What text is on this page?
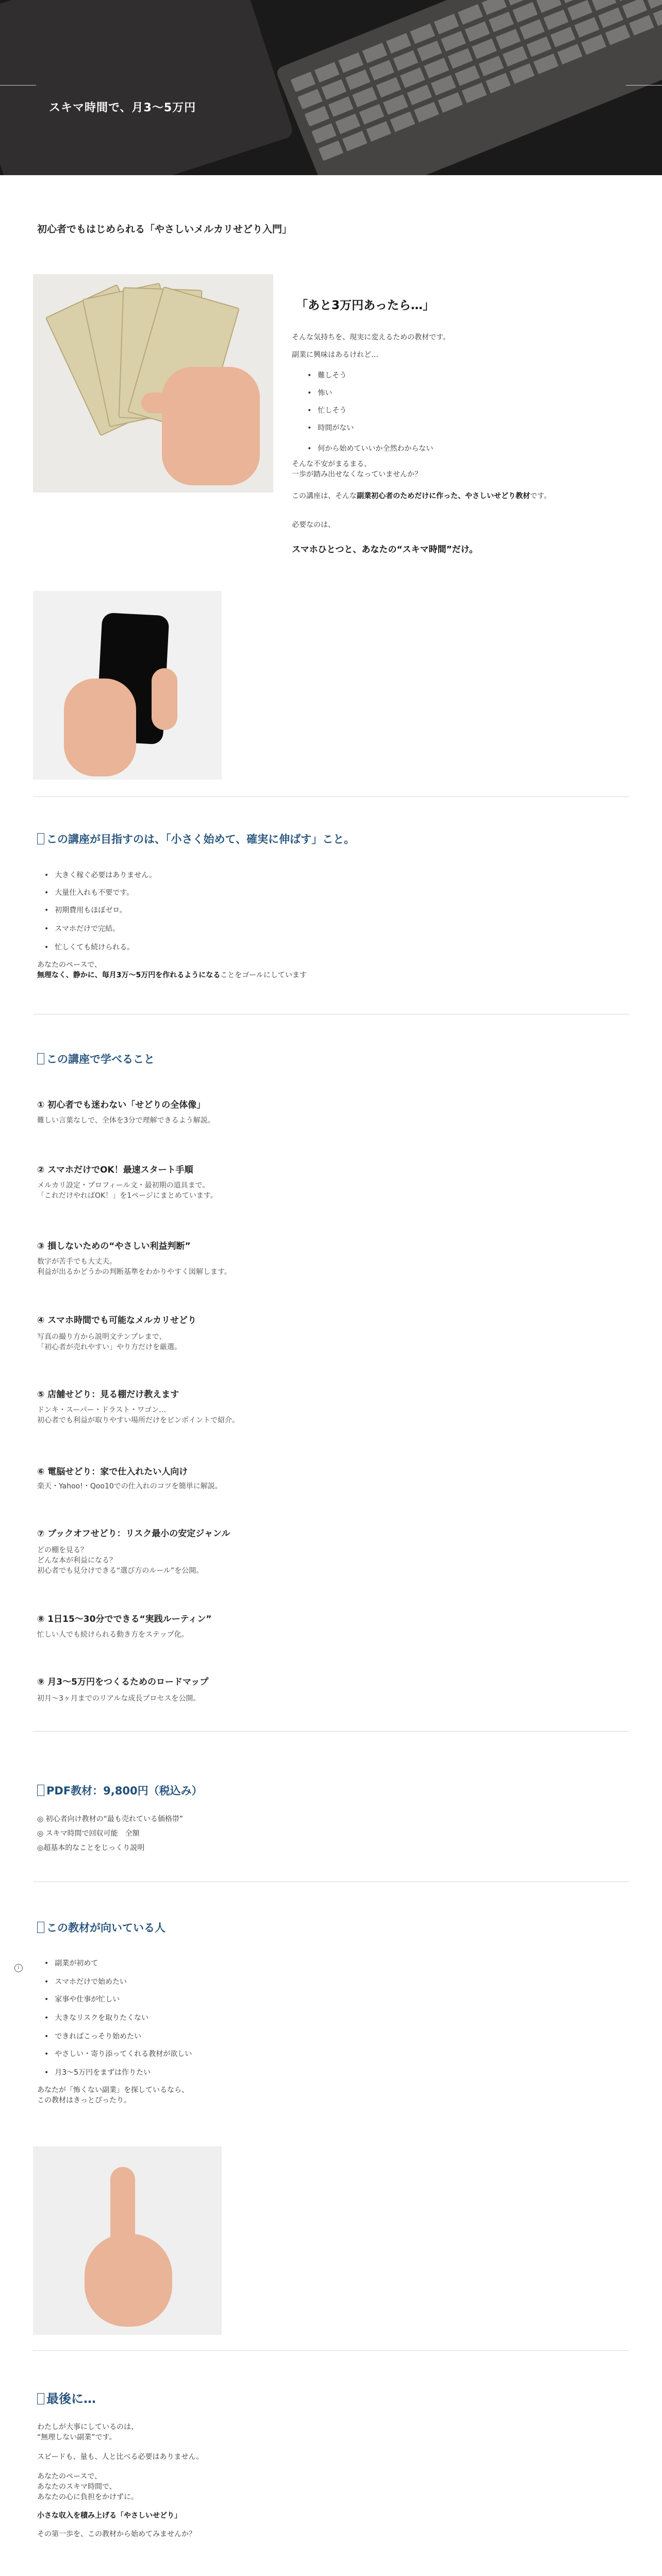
スキマ時間で、月3〜5万円
初心者でもはじめられる「やさしいメルカリせどり入門」
「あと3万円あったら…」
そんな気持ちを、現実に変えるための教材です。
副業に興味はあるけれど…
• 難しそう
• 怖い
• 忙しそう
• 時間がない
• 何から始めていいか全然わからない
そんな不安がまるまる、
一歩が踏み出せなくなっていませんか？
この講座は、そんな副業初心者のためだけに作った、やさしいせどり教材です。
必要なのは、
スマホひとつと、あなたの“スキマ時間”だけ。
この講座が目指すのは、「小さく始めて、確実に伸ばす」こと。
• 大きく稼ぐ必要はありません。
• 大量仕入れも不要です。
• 初期費用もほぼゼロ。
• スマホだけで完結。
• 忙しくても続けられる。
あなたのペースで、
無理なく、静かに、毎月3万〜5万円を作れるようになることをゴールにしています
この講座で学べること
① 初心者でも迷わない「せどりの全体像」
難しい言葉なしで、全体を3分で理解できるよう解説。
② スマホだけでOK！最速スタート手順
メルカリ設定・プロフィール文・最初期の道具まで。
「これだけやればOK！」を1ページにまとめています。
③ 損しないための“やさしい利益判断”
数字が苦手でも大丈夫。
利益が出るかどうかの判断基準をわかりやすく図解します。
④ スマホ時間でも可能なメルカリせどり
写真の撮り方から説明文テンプレまで、
「初心者が売れやすい」やり方だけを厳選。
⑤ 店舗せどり：見る棚だけ教えます
ドンキ・スーパー・ドラスト・ワゴン…
初心者でも利益が取りやすい場所だけをピンポイントで紹介。
⑥ 電脳せどり：家で仕入れたい人向け
楽天・Yahoo!・Qoo10での仕入れのコツを簡単に解説。
⑦ ブックオフせどり：リスク最小の安定ジャンル
どの棚を見る？
どんな本が利益になる？
初心者でも見分けできる“選び方のルール”を公開。
⑧ 1日15〜30分でできる“実践ルーティン”
忙しい人でも続けられる動き方をステップ化。
⑨ 月3〜5万円をつくるためのロードマップ
初月〜3ヶ月までのリアルな成長プロセスを公開。
PDF教材：9,800円（税込み）
◎ 初心者向け教材の“最も売れている価格帯”
◎ スキマ時間で回収可能　全額
◎超基本的なことをじっくり説明
この教材が向いている人
i
• 副業が初めて
• スマホだけで始めたい
• 家事や仕事が忙しい
• 大きなリスクを取りたくない
• できればこっそり始めたい
• やさしい・寄り添ってくれる教材が欲しい
• 月3〜5万円をまずは作りたい
あなたが「怖くない副業」を探しているなら、
この教材はきっとぴったり。
最後に…
わたしが大事にしているのは、
“無理しない副業”です。
スピードも、量も、人と比べる必要はありません。
あなたのペースで、
あなたのスキマ時間で、
あなたの心に負担をかけずに。
小さな収入を積み上げる「やさしいせどり」
その第一歩を、この教材から始めてみませんか？
